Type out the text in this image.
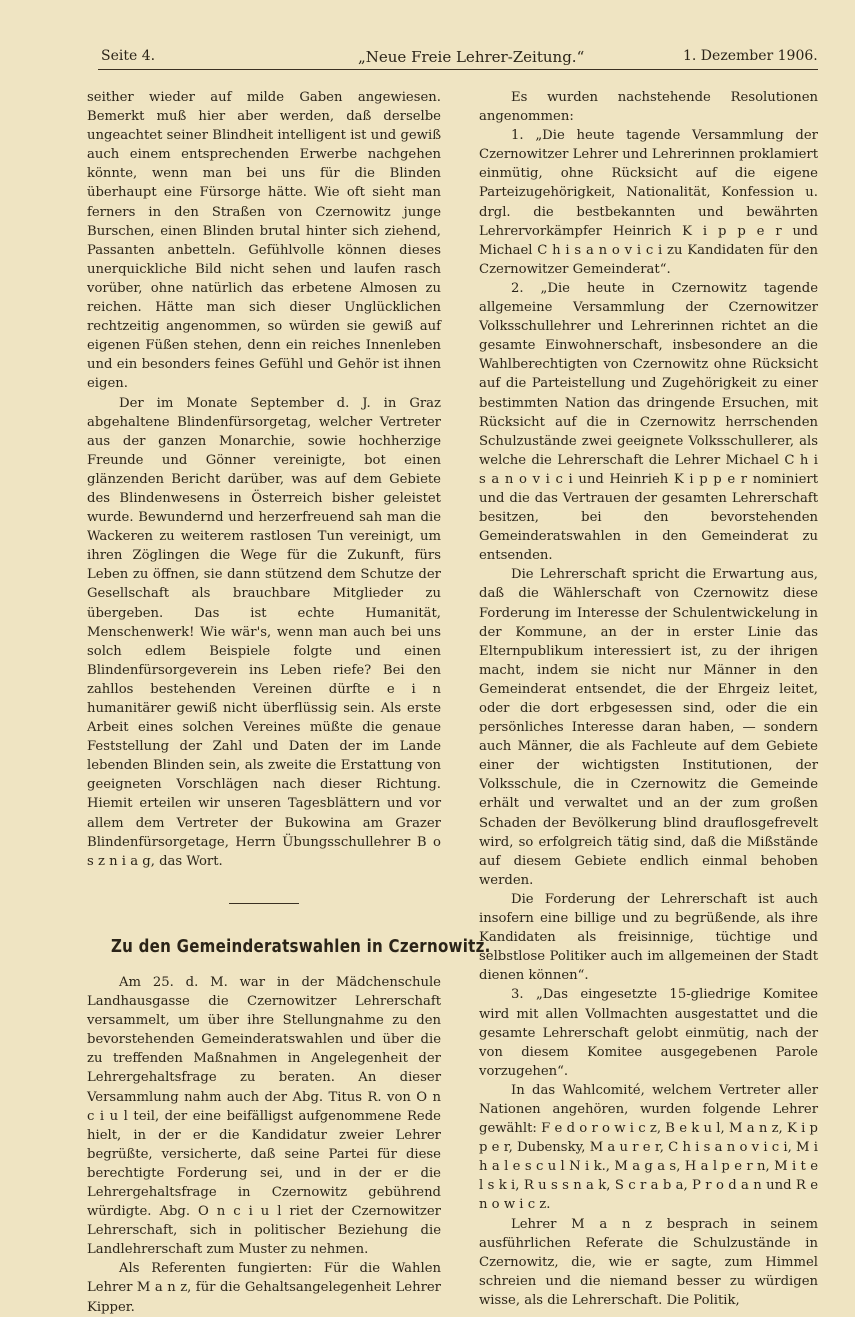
Seite 4.	„Neue Freie Lehrer-Zeitung.“	1. Dezember 1906.

seither wieder auf milde Gaben angewiesen. Bemerkt muß hier aber werden, daß derselbe ungeachtet seiner Blindheit intelligent ist und gewiß auch einem entsprechenden Erwerbe nachgehen könnte, wenn man bei uns für die Blinden überhaupt eine Fürsorge hätte. Wie oft sieht man ferners in den Straßen von Czernowitz junge Burschen, einen Blinden brutal hinter sich ziehend, Passanten anbetteln. Gefühlvolle können dieses unerquickliche Bild nicht sehen und laufen rasch vorüber, ohne natürlich das erbetene Almosen zu reichen. Hätte man sich dieser Unglücklichen rechtzeitig angenommen, so würden sie gewiß auf eigenen Füßen stehen, denn ein reiches Innenleben und ein besonders feines Gefühl und Gehör ist ihnen eigen.

Der im Monate September d. J. in Graz abgehaltene Blindenfürsorgetag, welcher Vertreter aus der ganzen Monarchie, sowie hochherzige Freunde und Gönner vereinigte, bot einen glänzenden Bericht darüber, was auf dem Gebiete des Blindenwesens in Österreich bisher geleistet wurde. Bewundernd und herzerfreuend sah man die Wackeren zu weiterem rastlosen Tun vereinigt, um ihren Zöglingen die Wege für die Zukunft, fürs Leben zu öffnen, sie dann stützend dem Schutze der Gesellschaft als brauchbare Mitglieder zu übergeben. Das ist echte Humanität, Menschenwerk! Wie wär's, wenn man auch bei uns solch edlem Beispiele folgte und einen Blindenfürsorgeverein ins Leben riefe? Bei den zahllos bestehenden Vereinen dürfte e i n humanitärer gewiß nicht überflüssig sein. Als erste Arbeit eines solchen Vereines müßte die genaue Feststellung der Zahl und Daten der im Lande lebenden Blinden sein, als zweite die Erstattung von geeigneten Vorschlägen nach dieser Richtung. Hiemit erteilen wir unseren Tagesblättern und vor allem dem Vertreter der Bukowina am Grazer Blindenfürsorgetage, Herrn Übungsschullehrer B o s z n i a g, das Wort.

Zu den Gemeinderatswahlen in Czernowitz.

Am 25. d. M. war in der Mädchenschule Landhausgasse die Czernowitzer Lehrerschaft versammelt, um über ihre Stellungnahme zu den bevorstehenden Gemeinderatswahlen und über die zu treffenden Maßnahmen in Angelegenheit der Lehrergehaltsfrage zu beraten. An dieser Versammlung nahm auch der Abg. Titus R. von O n c i u l teil, der eine beifälligst aufgenommene Rede hielt, in der er die Kandidatur zweier Lehrer begrüßte, versicherte, daß seine Partei für diese berechtigte Forderung sei, und in der er die Lehrergehaltsfrage in Czernowitz gebührend würdigte. Abg. O n c i u l riet der Czernowitzer Lehrerschaft, sich in politischer Beziehung die Landlehrerschaft zum Muster zu nehmen.

Als Referenten fungierten: Für die Wahlen Lehrer M a n z, für die Gehaltsangelegenheit Lehrer Kipper.

Es wurden nachstehende Resolutionen angenommen:

1. „Die heute tagende Versammlung der Czernowitzer Lehrer und Lehrerinnen proklamiert einmütig, ohne Rücksicht auf die eigene Parteizugehörigkeit, Nationalität, Konfession u. drgl. die bestbekannten und bewährten Lehrervorkämpfer Heinrich K i p p e r und Michael C h i s a n o v i c i zu Kandidaten für den Czernowitzer Gemeinderat“.

2. „Die heute in Czernowitz tagende allgemeine Versammlung der Czernowitzer Volksschullehrer und Lehrerinnen richtet an die gesamte Einwohnerschaft, insbesondere an die Wahlberechtigten von Czernowitz ohne Rücksicht auf die Parteistellung und Zugehörigkeit zu einer bestimmten Nation das dringende Ersuchen, mit Rücksicht auf die in Czernowitz herrschenden Schulzustände zwei geeignete Volksschullerer, als welche die Lehrerschaft die Lehrer Michael C h i s a n o v i c i und Heinrieh K i p p e r nominiert und die das Vertrauen der gesamten Lehrerschaft besitzen, bei den bevorstehenden Gemeinderatswahlen in den Gemeinderat zu entsenden.

Die Lehrerschaft spricht die Erwartung aus, daß die Wählerschaft von Czernowitz diese Forderung im Interesse der Schulentwickelung in der Kommune, an der in erster Linie das Elternpublikum interessiert ist, zu der ihrigen macht, indem sie nicht nur Männer in den Gemeinderat entsendet, die der Ehrgeiz leitet, oder die dort erbgesessen sind, oder die ein persönliches Interesse daran haben, — sondern auch Männer, die als Fachleute auf dem Gebiete einer der wichtigsten Institutionen, der Volksschule, die in Czernowitz die Gemeinde erhält und verwaltet und an der zum großen Schaden der Bevölkerung blind drauflosgefrevelt wird, so erfolgreich tätig sind, daß die Mißstände auf diesem Gebiete endlich einmal behoben werden.

Die Forderung der Lehrerschaft ist auch insofern eine billige und zu begrüßende, als ihre Kandidaten als freisinnige, tüchtige und selbstlose Politiker auch im allgemeinen der Stadt dienen können“.

3. „Das eingesetzte 15-gliedrige Komitee wird mit allen Vollmachten ausgestattet und die gesamte Lehrerschaft gelobt einmütig, nach der von diesem Komitee ausgegebenen Parole vorzugehen“.

In das Wahlcomité, welchem Vertreter aller Nationen angehören, wurden folgende Lehrer gewählt: F e d o r o w i c z, B e k u l, M a n z, K i p p e r, Dubensky, M a u r e r, C h i s a n o v i c i, M i h a l e s c u l N i k., M a g a s, H a l p e r n, M i t e l s k i, R u s s n a k, S c r a b a, P r o d a n und R e n o w i c z.

Lehrer M a n z besprach in seinem ausführlichen Referate die Schulzustände in Czernowitz, die, wie er sagte, zum Himmel schreien und die niemand besser zu würdigen wisse, als die Lehrerschaft. Die Politik,
